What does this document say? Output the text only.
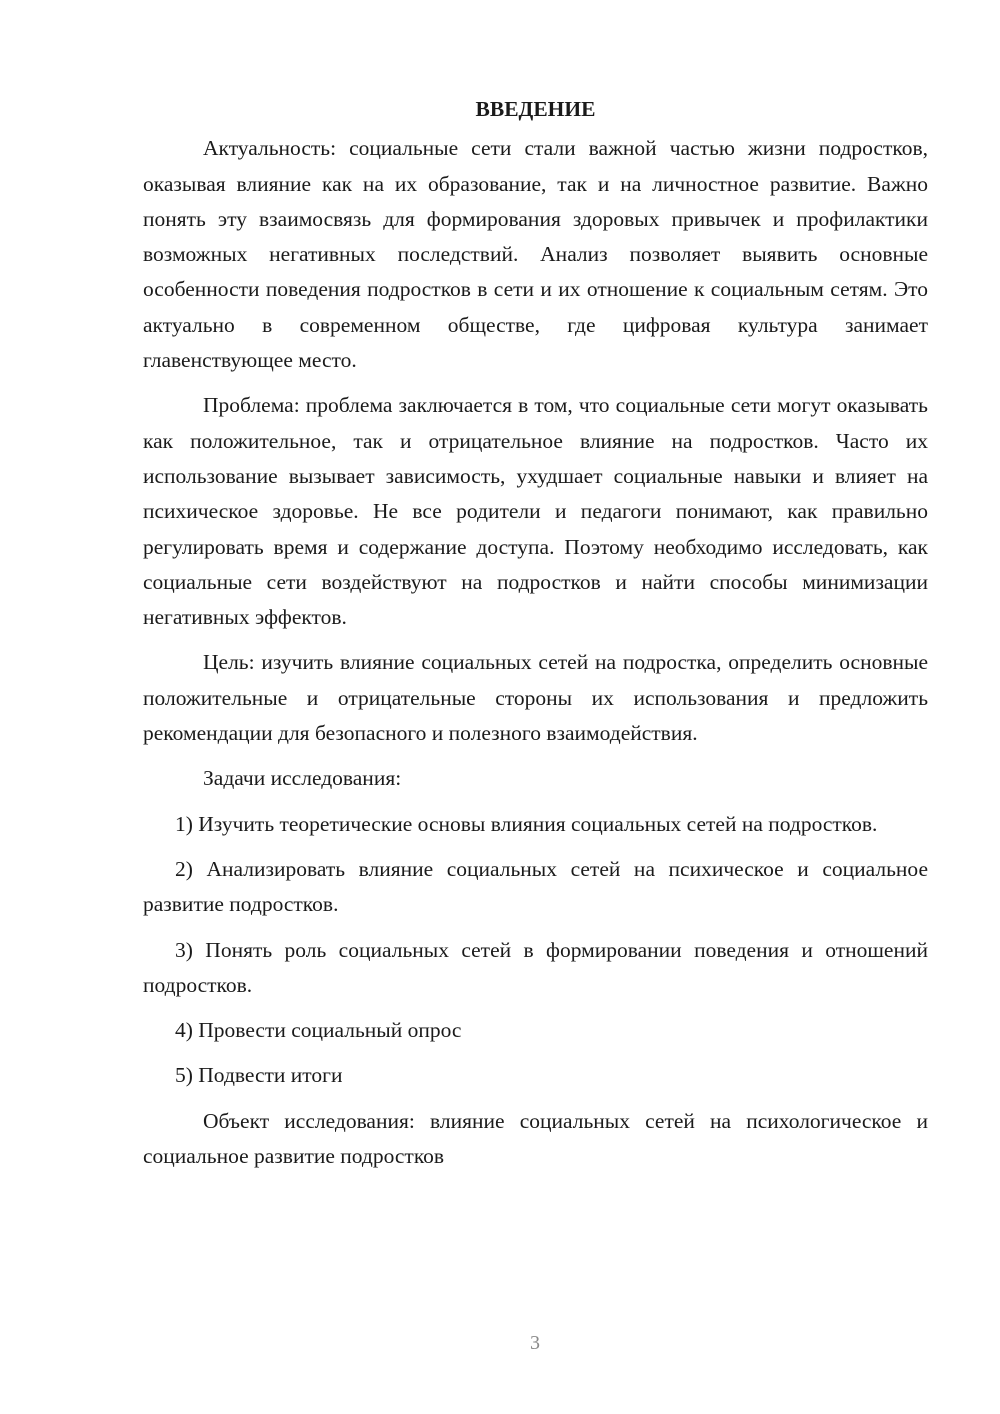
ВВЕДЕНИЕ

Актуальность: социальные сети стали важной частью жизни подростков, оказывая влияние как на их образование, так и на личностное развитие. Важно понять эту взаимосвязь для формирования здоровых привычек и профилактики возможных негативных последствий. Анализ позволяет выявить основные особенности поведения подростков в сети и их отношение к социальным сетям. Это актуально в современном обществе, где цифровая культура занимает главенствующее место.

Проблема: проблема заключается в том, что социальные сети могут оказывать как положительное, так и отрицательное влияние на подростков. Часто их использование вызывает зависимость, ухудшает социальные навыки и влияет на психическое здоровье. Не все родители и педагоги понимают, как правильно регулировать время и содержание доступа. Поэтому необходимо исследовать, как социальные сети воздействуют на подростков и найти способы минимизации негативных эффектов.

Цель: изучить влияние социальных сетей на подростка, определить основные положительные и отрицательные стороны их использования и предложить рекомендации для безопасного и полезного взаимодействия.

Задачи исследования:

1) Изучить теоретические основы влияния социальных сетей на подростков.

2) Анализировать влияние социальных сетей на психическое и социальное развитие подростков.

3) Понять роль социальных сетей в формировании поведения и отношений подростков.

4) Провести социальный опрос

5) Подвести итоги

Объект исследования: влияние социальных сетей на психологическое и социальное развитие подростков

3
